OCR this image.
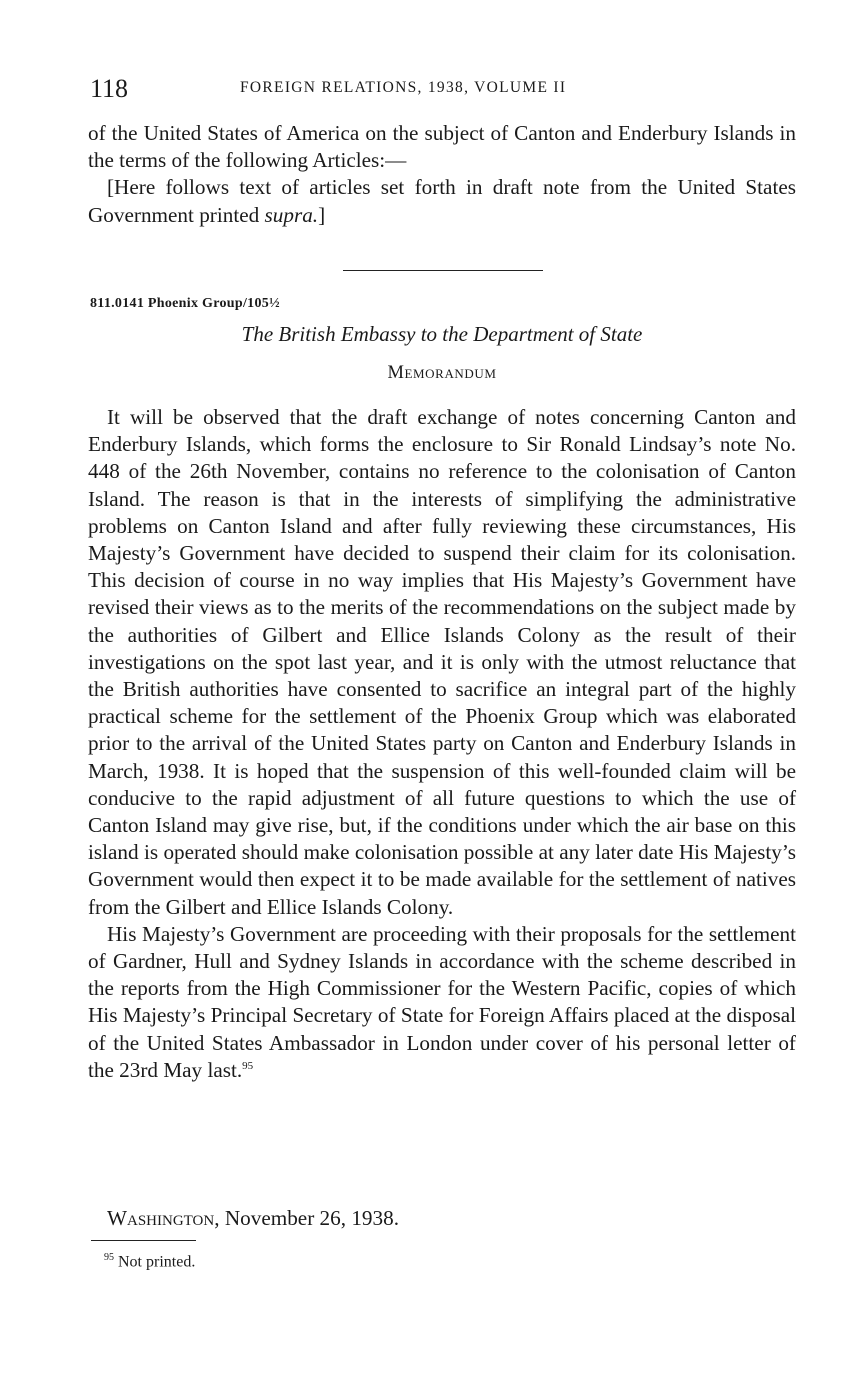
118	FOREIGN RELATIONS, 1938, VOLUME II

of the United States of America on the subject of Canton and Enderbury Islands in the terms of the following Articles:—

[Here follows text of articles set forth in draft note from the United States Government printed supra.]

811.0141 Phoenix Group/105½
The British Embassy to the Department of State
Memorandum

It will be observed that the draft exchange of notes concerning Canton and Enderbury Islands, which forms the enclosure to Sir Ronald Lindsay’s note No. 448 of the 26th November, contains no reference to the colonisation of Canton Island. The reason is that in the interests of simplifying the administrative problems on Canton Island and after fully reviewing these circumstances, His Majesty’s Government have decided to suspend their claim for its colonisation. This decision of course in no way implies that His Majesty’s Government have revised their views as to the merits of the recommendations on the subject made by the authorities of Gilbert and Ellice Islands Colony as the result of their investigations on the spot last year, and it is only with the utmost reluctance that the British authorities have consented to sacrifice an integral part of the highly practical scheme for the settlement of the Phoenix Group which was elaborated prior to the arrival of the United States party on Canton and Enderbury Islands in March, 1938. It is hoped that the suspension of this well-founded claim will be conducive to the rapid adjustment of all future questions to which the use of Canton Island may give rise, but, if the conditions under which the air base on this island is operated should make colonisation possible at any later date His Majesty’s Government would then expect it to be made available for the settlement of natives from the Gilbert and Ellice Islands Colony.

His Majesty’s Government are proceeding with their proposals for the settlement of Gardner, Hull and Sydney Islands in accordance with the scheme described in the reports from the High Commissioner for the Western Pacific, copies of which His Majesty’s Principal Secretary of State for Foreign Affairs placed at the disposal of the United States Ambassador in London under cover of his personal letter of the 23rd May last.$^{95}$

Washington, November 26, 1938.
$^{95}$ Not printed.
